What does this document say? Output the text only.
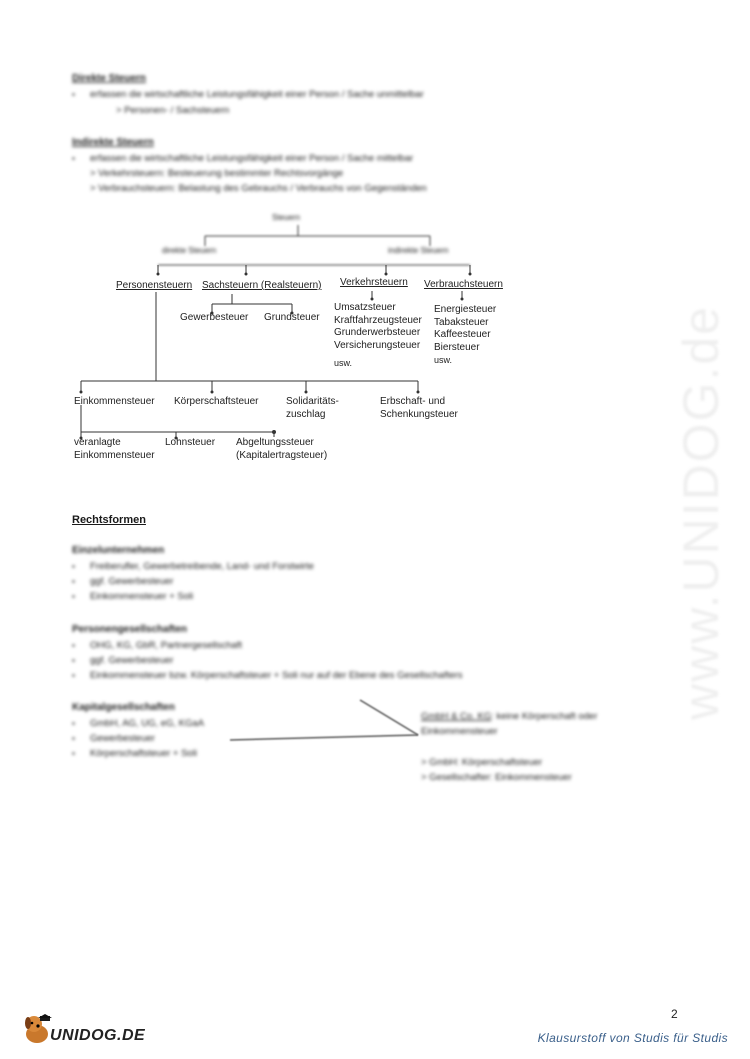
www.UNIDOG.de
Direkte Steuern
▪ erfassen die wirtschaftliche Leistungsfähigkeit einer Person / Sache unmittelbar
> Personen- / Sachsteuern
Indirekte Steuern
▪ erfassen die wirtschaftliche Leistungsfähigkeit einer Person / Sache mittelbar
> Verkehrsteuern: Besteuerung bestimmter Rechtsvorgänge
> Verbrauchsteuern: Belastung des Gebrauchs / Verbrauchs von Gegenständen
Steuern
direkte Steuern	indirekte Steuern
Personensteuern Sachsteuern (Realsteuern)
Gewerbesteuer Grundsteuer
Verkehrsteuern
Umsatzsteuer
Kraftfahrzeugsteuer
Grunderwerbsteuer
Versicherungsteuer
usw.
Verbrauchsteuern
Energiesteuer
Tabaksteuer
Kaffeesteuer
Biersteuer
usw.
Einkommensteuer Körperschaftsteuer	Solidaritäts-
zuschlag
Erbschaft- und
Schenkungsteuer
veranlagte
Einkommensteuer
Lohnsteuer Abgeltungssteuer
(Kapitalertragsteuer)
Rechtsformen
Einzelunternehmen
▪ Freiberufler, Gewerbetreibende, Land- und Forstwirte
▪ ggf. Gewerbesteuer
▪ Einkommensteuer + Soli
Personengesellschaften
▪ OHG, KG, GbR, Partnergesellschaft
▪ ggf. Gewerbesteuer
▪ Einkommensteuer bzw. Körperschaftsteuer + Soli nur auf der Ebene des Gesellschafters
Kapitalgesellschaften
▪ GmbH, AG, UG, eG, KGaA
▪ Gewerbesteuer
▪ Körperschaftsteuer + Soli
GmbH & Co. KG: keine Körperschaft oder
Einkommensteuer
> GmbH: Körperschaftsteuer
> Gesellschafter: Einkommensteuer
2
UNIDOG.DE	Klausurstoff von Studis für Studis
